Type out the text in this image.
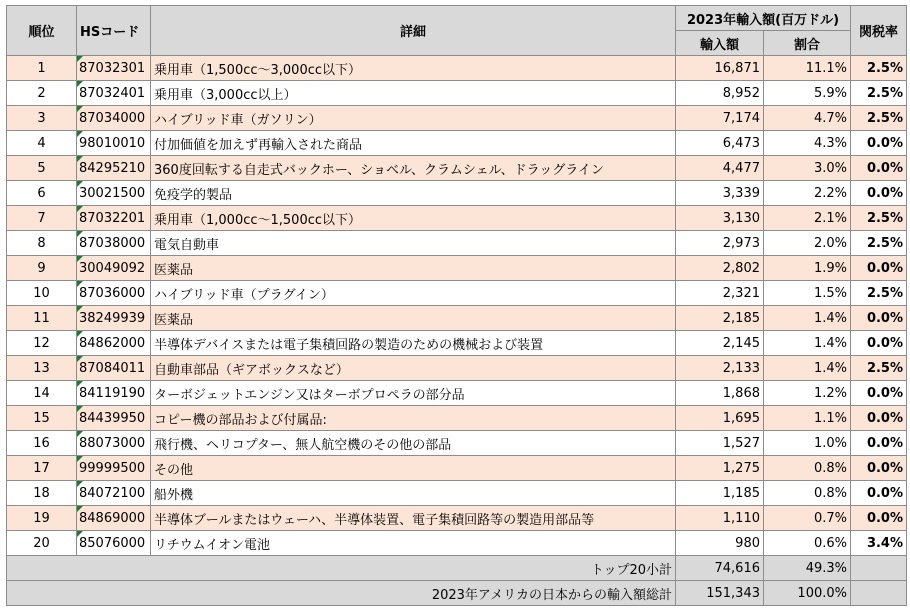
順位	HSコード	詳細	2023年輸入額(百万ドル)		関税率
			輸入額	割合	
1	87032301	乗用車（1,500cc～3,000cc以下）	16,871	11.1%	2.5%
2	87032401	乗用車（3,000cc以上）	8,952	5.9%	2.5%
3	87034000	ハイブリッド車（ガソリン）	7,174	4.7%	2.5%
4	98010010	付加価値を加えず再輸入された商品	6,473	4.3%	0.0%
5	84295210	360度回転する自走式バックホー、ショベル、クラムシェル、ドラッグライン	4,477	3.0%	0.0%
6	30021500	免疫学的製品	3,339	2.2%	0.0%
7	87032201	乗用車（1,000cc～1,500cc以下）	3,130	2.1%	2.5%
8	87038000	電気自動車	2,973	2.0%	2.5%
9	30049092	医薬品	2,802	1.9%	0.0%
10	87036000	ハイブリッド車（プラグイン）	2,321	1.5%	2.5%
11	38249939	医薬品	2,185	1.4%	0.0%
12	84862000	半導体デバイスまたは電子集積回路の製造のための機械および装置	2,145	1.4%	0.0%
13	87084011	自動車部品（ギアボックスなど）	2,133	1.4%	2.5%
14	84119190	ターボジェットエンジン又はターボプロペラの部分品	1,868	1.2%	0.0%
15	84439950	コピー機の部品および付属品:	1,695	1.1%	0.0%
16	88073000	飛行機、ヘリコプター、無人航空機のその他の部品	1,527	1.0%	0.0%
17	99999500	その他	1,275	0.8%	0.0%
18	84072100	船外機	1,185	0.8%	0.0%
19	84869000	半導体ブールまたはウェーハ、半導体装置、電子集積回路等の製造用部品等	1,110	0.7%	0.0%
20	85076000	リチウムイオン電池	980	0.6%	3.4%
トップ20小計			74,616	49.3%	
2023年アメリカの日本からの輸入額総計			151,343	100.0%	
